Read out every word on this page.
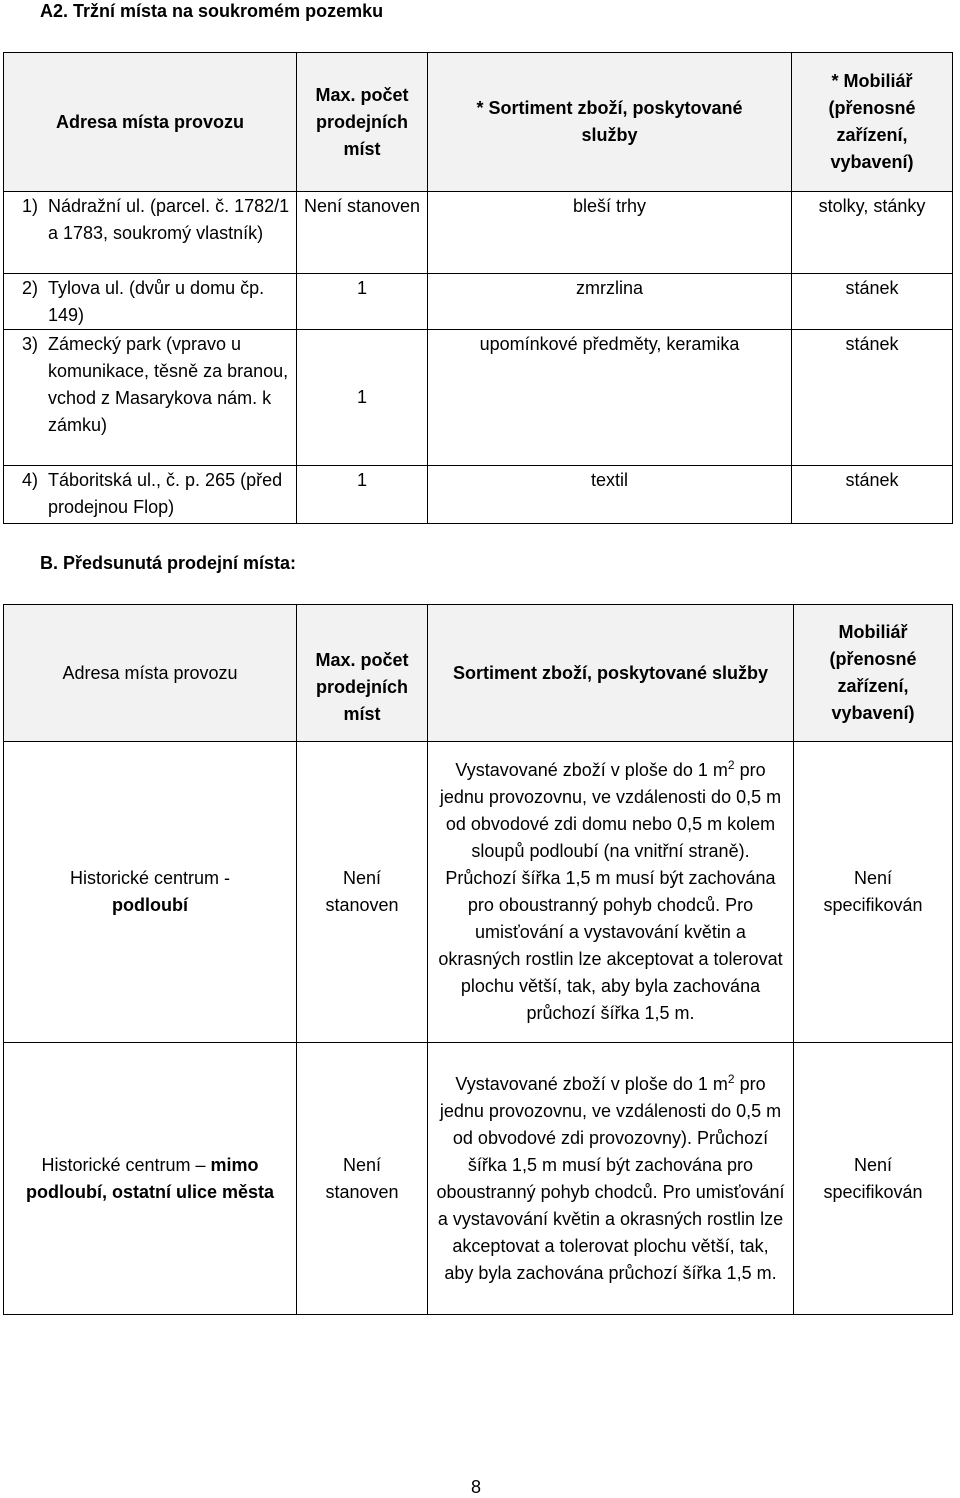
A2. Tržní místa na soukromém pozemku
Adresa místa provozu	Max. počet prodejních míst	* Sortiment zboží, poskytované služby	* Mobiliář (přenosné zařízení, vybavení)

1) Nádražní ul. (parcel. č. 1782/1 a 1783, soukromý vlastník)	Není stanoven	bleší trhy	stolky, stánky

2) Tylova ul. (dvůr u domu čp. 149)	1	zmrzlina	stánek

3) Zámecký park (vpravo u komunikace, těsně za branou, vchod z Masarykova nám. k zámku)	1	upomínkové předměty, keramika	stánek

4) Táboritská ul., č. p. 265 (před prodejnou Flop)	1	textil	stánek
B. Předsunutá prodejní místa:
Adresa místa provozu	Max. počet prodejních míst	Sortiment zboží, poskytované služby	Mobiliář (přenosné zařízení, vybavení)

Historické centrum -
podloubí	Není stanoven	Vystavované zboží v ploše do 1 $m^2$ pro jednu provozovnu, ve vzdálenosti do 0,5 m od obvodové zdi domu nebo 0,5 m kolem sloupů podloubí (na vnitřní straně). Průchozí šířka 1,5 m musí být zachována pro oboustranný pohyb chodců. Pro umisťování a vystavování květin a okrasných rostlin lze akceptovat a tolerovat plochu větší, tak, aby byla zachována průchozí šířka 1,5 m.	Není specifikován

Historické centrum – mimo podloubí, ostatní ulice města	Není stanoven	Vystavované zboží v ploše do 1 $m^2$ pro jednu provozovnu, ve vzdálenosti do 0,5 m od obvodové zdi provozovny). Průchozí šířka 1,5 m musí být zachována pro oboustranný pohyb chodců. Pro umisťování a vystavování květin a okrasných rostlin lze akceptovat a tolerovat plochu větší, tak, aby byla zachována průchozí šířka 1,5 m.	Není specifikován
8
